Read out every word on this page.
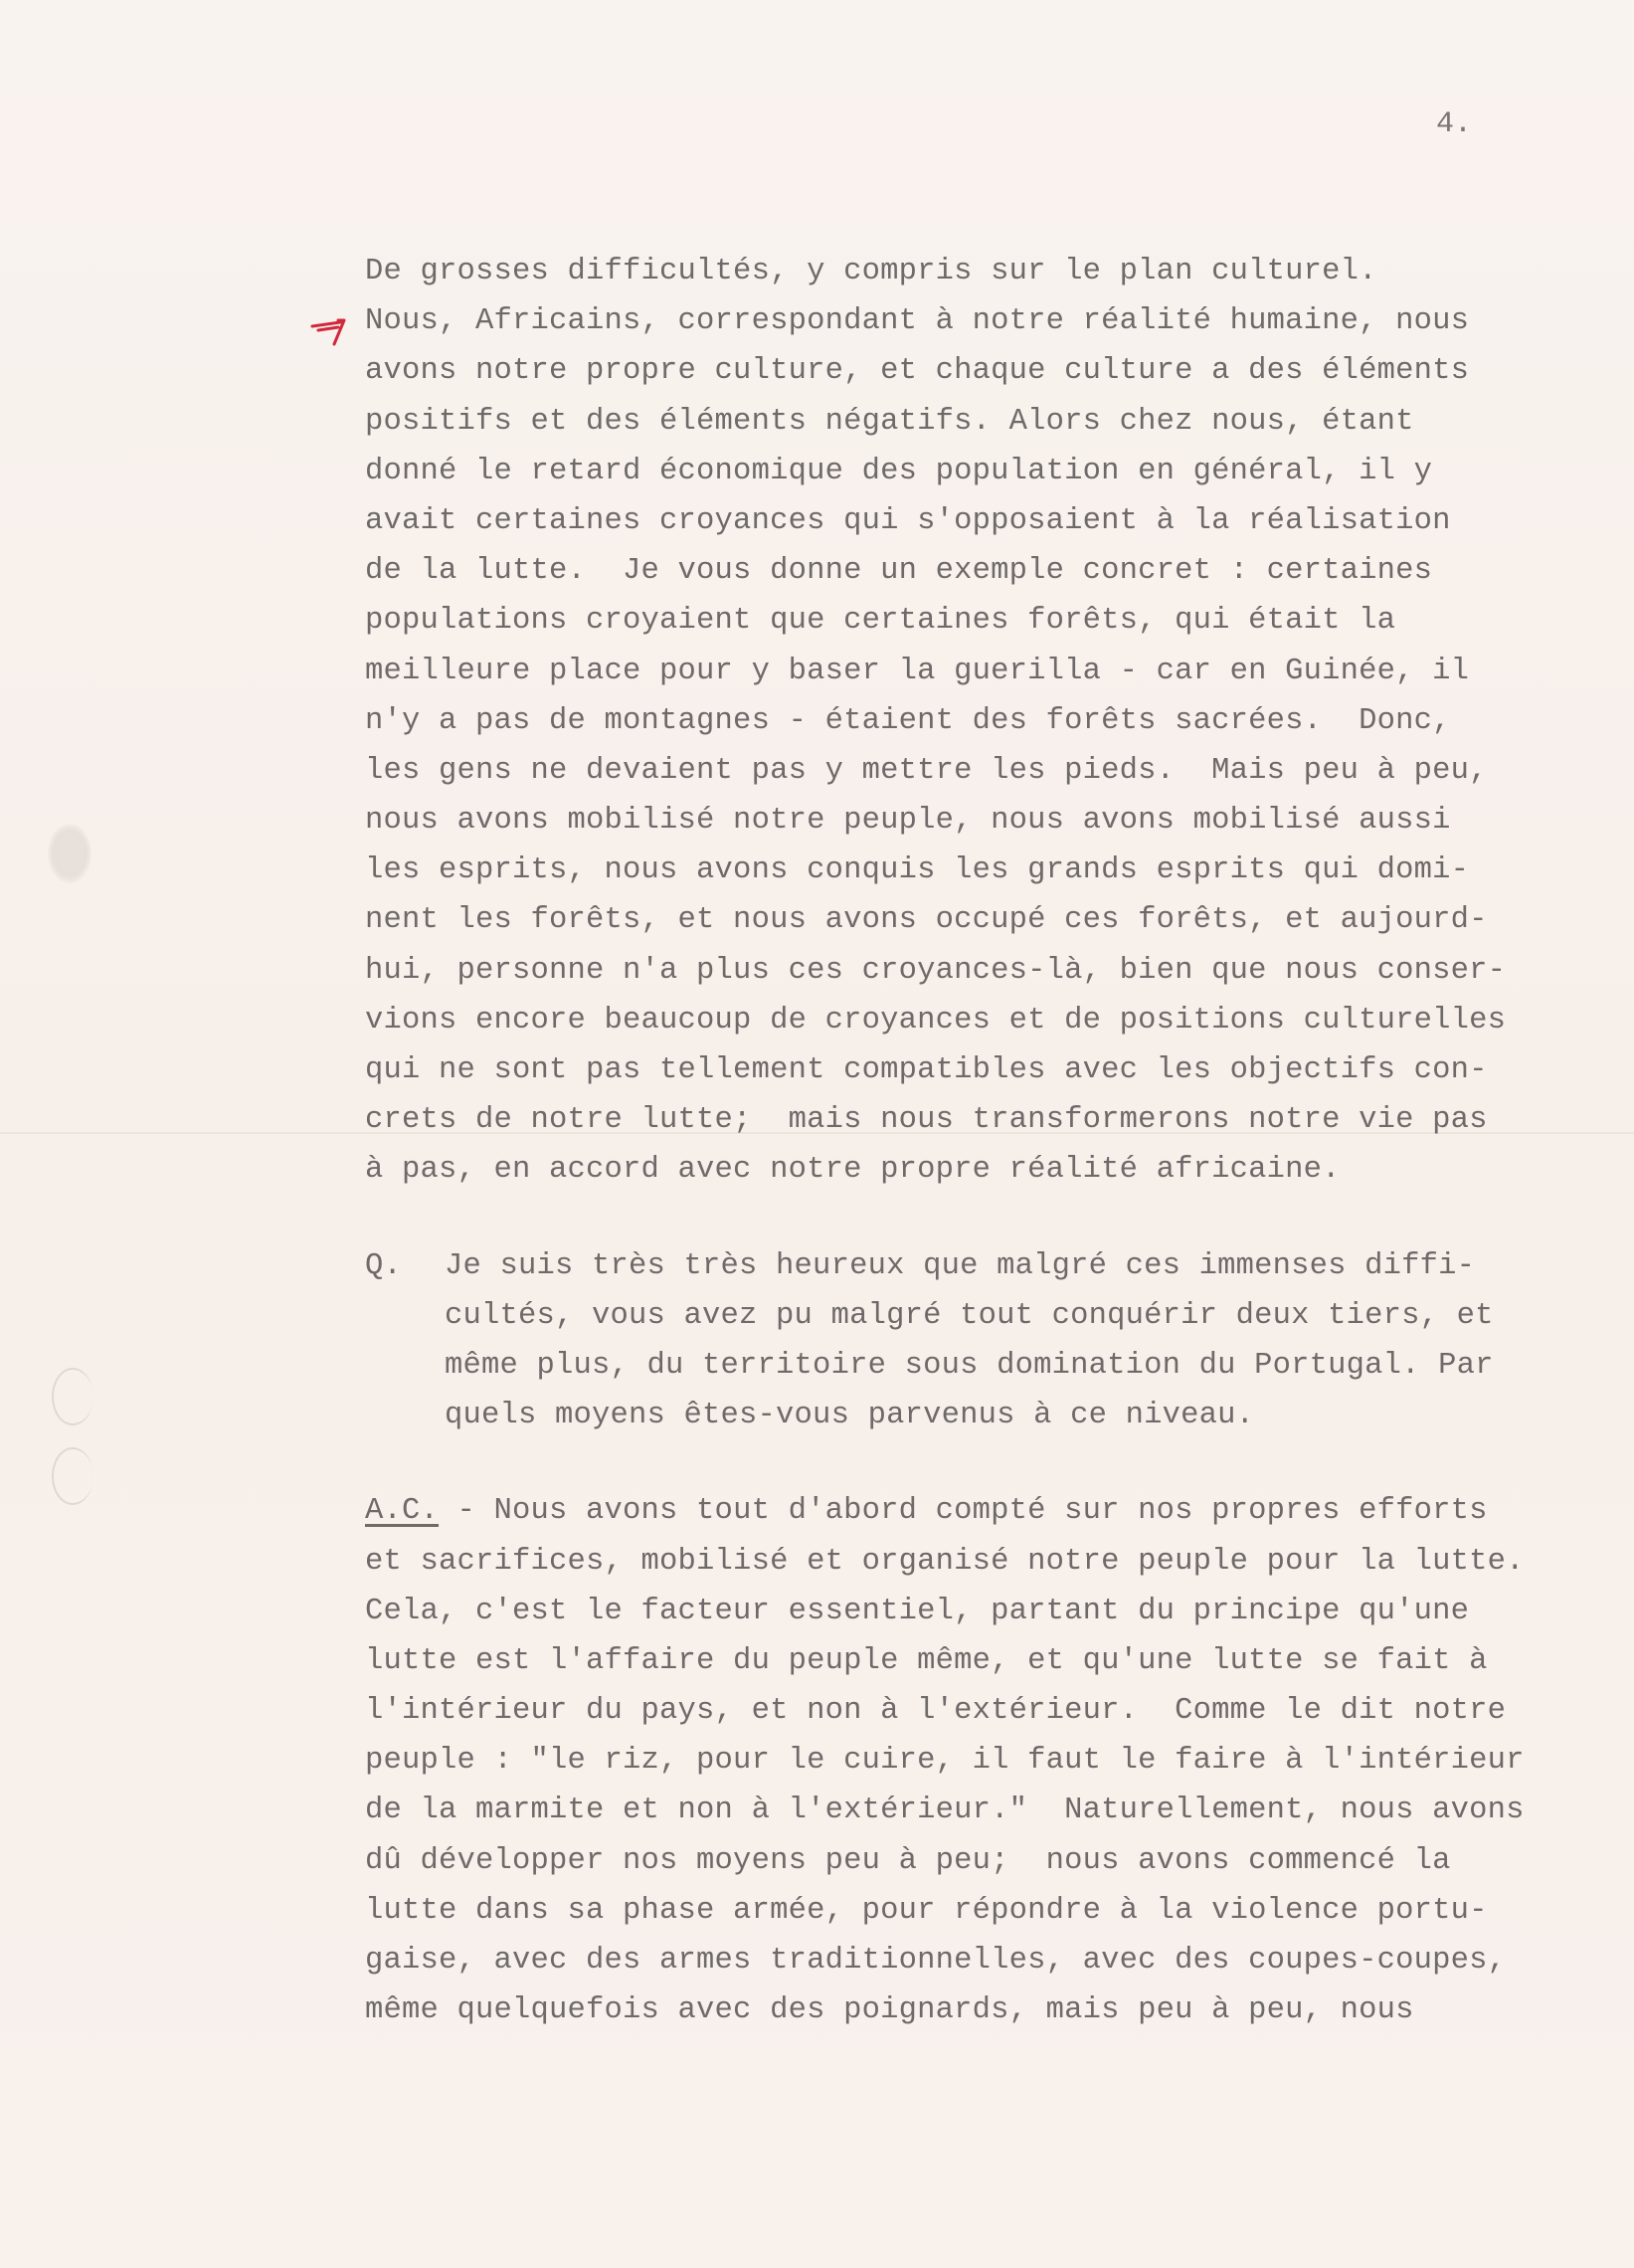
4.
De grosses difficultés, y compris sur le plan culturel.
Nous, Africains, correspondant à notre réalité humaine, nous
avons notre propre culture, et chaque culture a des éléments
positifs et des éléments négatifs. Alors chez nous, étant
donné le retard économique des population en général, il y
avait certaines croyances qui s'opposaient à la réalisation
de la lutte.  Je vous donne un exemple concret : certaines
populations croyaient que certaines forêts, qui était la
meilleure place pour y baser la guerilla - car en Guinée, il
n'y a pas de montagnes - étaient des forêts sacrées.  Donc,
les gens ne devaient pas y mettre les pieds.  Mais peu à peu,
nous avons mobilisé notre peuple, nous avons mobilisé aussi
les esprits, nous avons conquis les grands esprits qui domi-
nent les forêts, et nous avons occupé ces forêts, et aujourd-
hui, personne n'a plus ces croyances-là, bien que nous conser-
vions encore beaucoup de croyances et de positions culturelles
qui ne sont pas tellement compatibles avec les objectifs con-
crets de notre lutte;  mais nous transformerons notre vie pas
à pas, en accord avec notre propre réalité africaine.
Q. Je suis très très heureux que malgré ces immenses diffi-
cultés, vous avez pu malgré tout conquérir deux tiers, et
même plus, du territoire sous domination du Portugal. Par
quels moyens êtes-vous parvenus à ce niveau.
A.C. - Nous avons tout d'abord compté sur nos propres efforts
et sacrifices, mobilisé et organisé notre peuple pour la lutte.
Cela, c'est le facteur essentiel, partant du principe qu'une
lutte est l'affaire du peuple même, et qu'une lutte se fait à
l'intérieur du pays, et non à l'extérieur.  Comme le dit notre
peuple : "le riz, pour le cuire, il faut le faire à l'intérieur
de la marmite et non à l'extérieur."  Naturellement, nous avons
dû développer nos moyens peu à peu;  nous avons commencé la
lutte dans sa phase armée, pour répondre à la violence portu-
gaise, avec des armes traditionnelles, avec des coupes-coupes,
même quelquefois avec des poignards, mais peu à peu, nous
